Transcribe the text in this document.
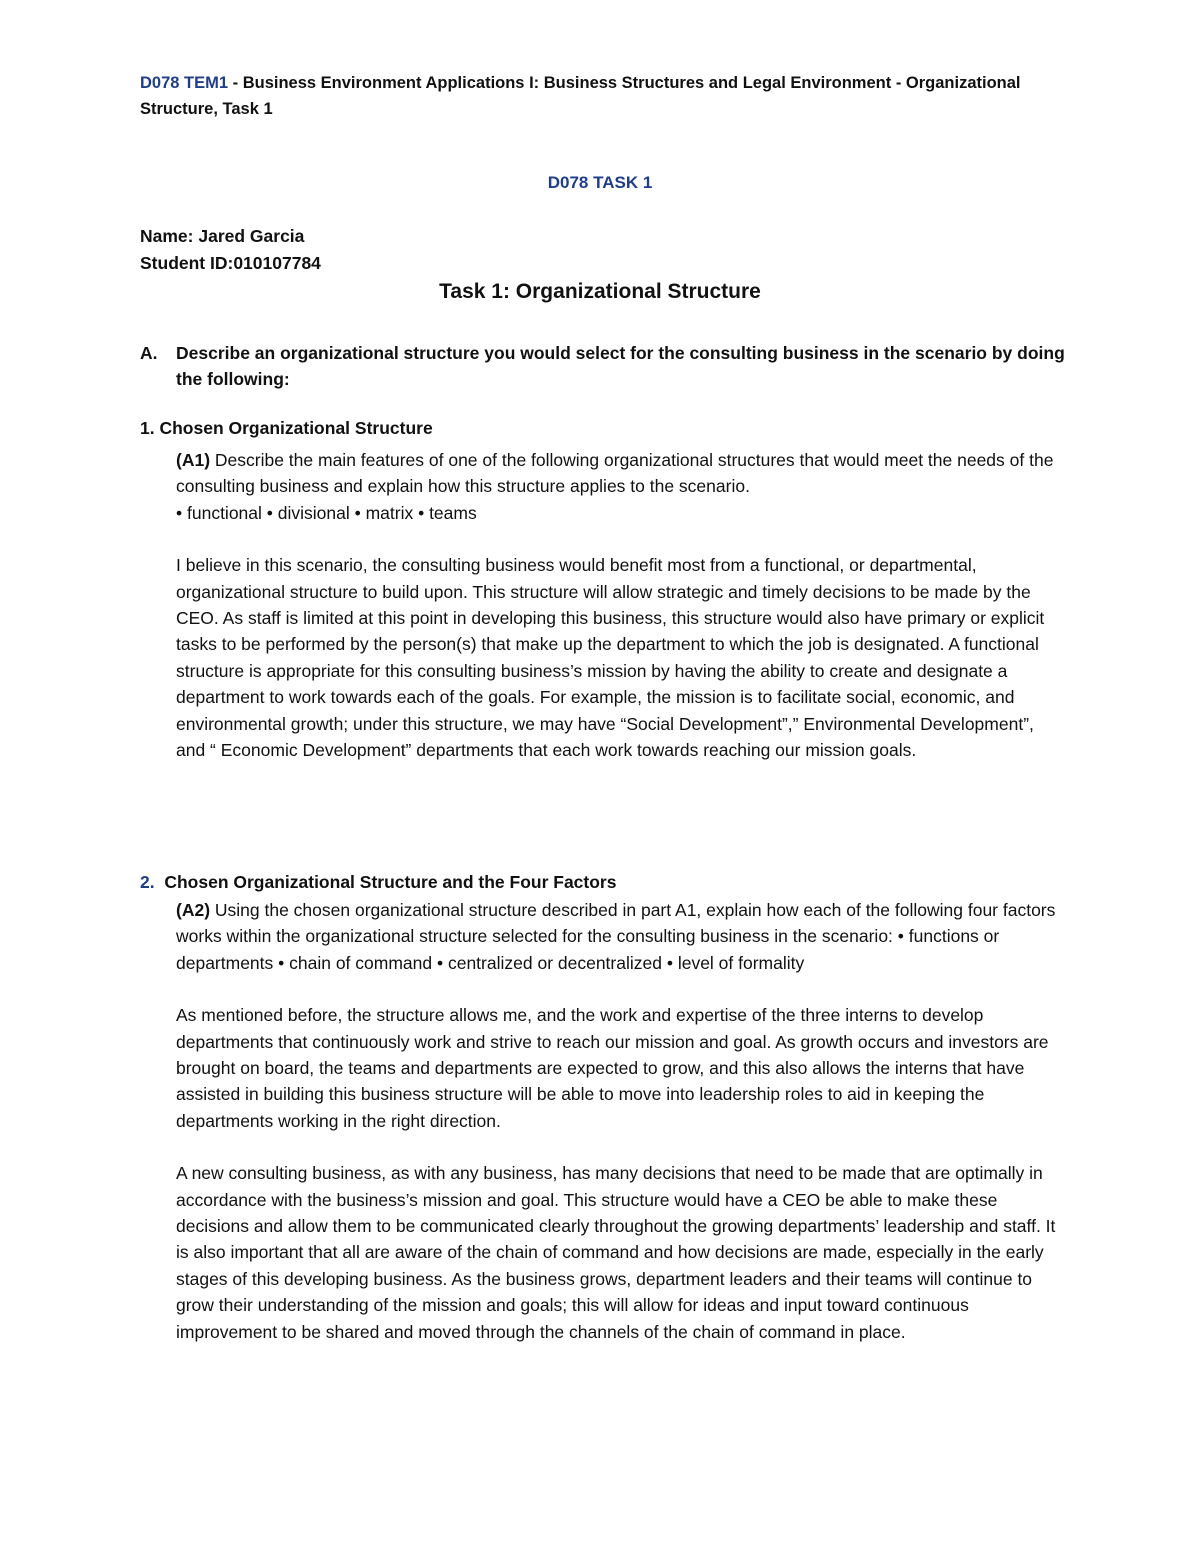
D078 TEM1 - Business Environment Applications I: Business Structures and Legal Environment - Organizational Structure, Task 1
D078 TASK 1
Name: Jared Garcia
Student ID:010107784
Task 1: Organizational Structure
A. Describe an organizational structure you would select for the consulting business in the scenario by doing the following:
1. Chosen Organizational Structure

(A1) Describe the main features of one of the following organizational structures that would meet the needs of the consulting business and explain how this structure applies to the scenario.

• functional • divisional • matrix • teams

I believe in this scenario, the consulting business would benefit most from a functional, or departmental, organizational structure to build upon. This structure will allow strategic and timely decisions to be made by the CEO. As staff is limited at this point in developing this business, this structure would also have primary or explicit tasks to be performed by the person(s) that make up the department to which the job is designated. A functional structure is appropriate for this consulting business’s mission by having the ability to create and designate a department to work towards each of the goals. For example, the mission is to facilitate social, economic, and environmental growth; under this structure, we may have “Social Development”,” Environmental Development”, and “ Economic Development” departments that each work towards reaching our mission goals.

2.  Chosen Organizational Structure and the Four Factors

(A2) Using the chosen organizational structure described in part A1, explain how each of the following four factors works within the organizational structure selected for the consulting business in the scenario: • functions or departments • chain of command • centralized or decentralized • level of formality

As mentioned before, the structure allows me, and the work and expertise of the three interns to develop departments that continuously work and strive to reach our mission and goal. As growth occurs and investors are brought on board, the teams and departments are expected to grow, and this also allows the interns that have assisted in building this business structure will be able to move into leadership roles to aid in keeping the departments working in the right direction.

A new consulting business, as with any business, has many decisions that need to be made that are optimally in accordance with the business’s mission and goal. This structure would have a CEO be able to make these decisions and allow them to be communicated clearly throughout the growing departments’ leadership and staff. It is also important that all are aware of the chain of command and how decisions are made, especially in the early stages of this developing business. As the business grows, department leaders and their teams will continue to grow their understanding of the mission and goals; this will allow for ideas and input toward continuous improvement to be shared and moved through the channels of the chain of command in place.
